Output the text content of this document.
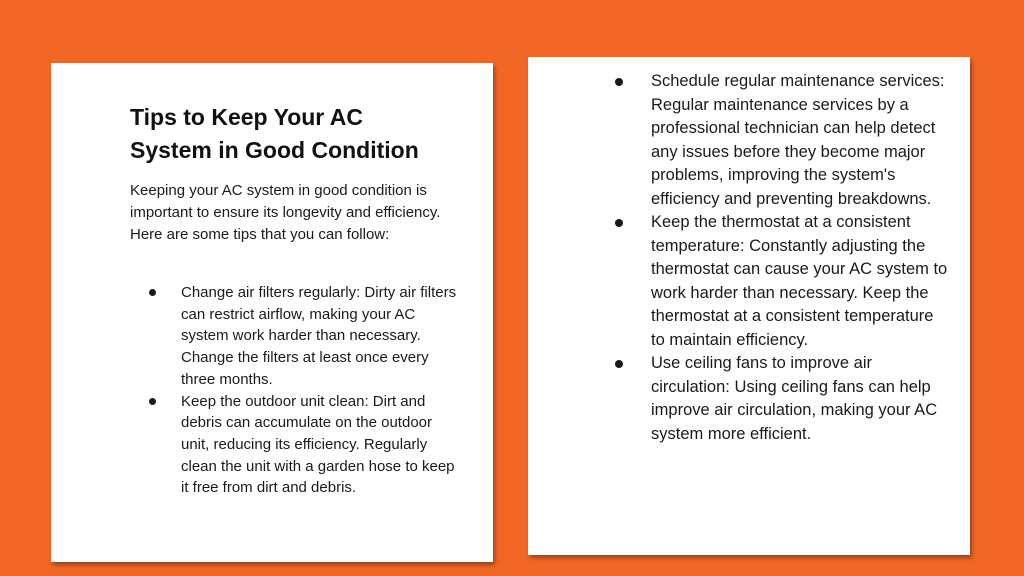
Tips to Keep Your AC System in Good Condition

Keeping your AC system in good condition is important to ensure its longevity and efficiency. Here are some tips that you can follow:

Change air filters regularly: Dirty air filters can restrict airflow, making your AC system work harder than necessary. Change the filters at least once every three months.
Keep the outdoor unit clean: Dirt and debris can accumulate on the outdoor unit, reducing its efficiency. Regularly clean the unit with a garden hose to keep it free from dirt and debris.
Schedule regular maintenance services: Regular maintenance services by a professional technician can help detect any issues before they become major problems, improving the system's efficiency and preventing breakdowns.
Keep the thermostat at a consistent temperature: Constantly adjusting the thermostat can cause your AC system to work harder than necessary. Keep the thermostat at a consistent temperature to maintain efficiency.
Use ceiling fans to improve air circulation: Using ceiling fans can help improve air circulation, making your AC system more efficient.
